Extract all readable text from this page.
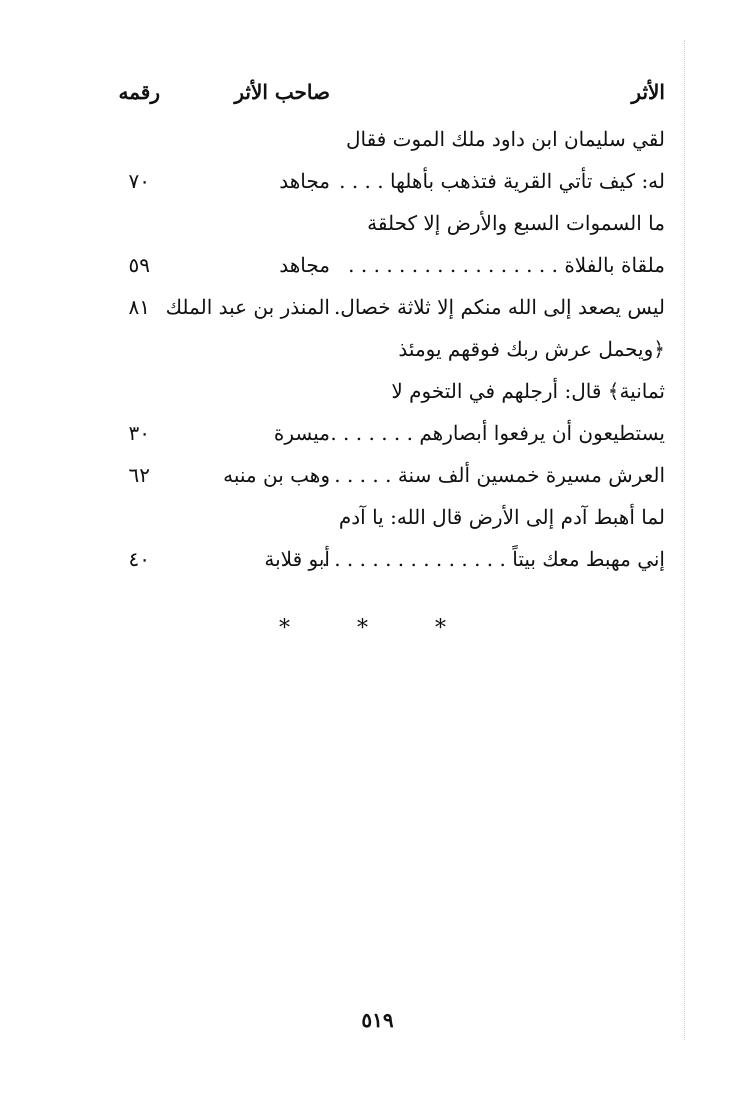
الأثر
صاحب الأثر
رقمه
لقي سليمان ابن داود ملك الموت فقال
له: كيف تأتي القرية فتذهب بأهلها . . . .
مجاهد
٧٠
ما السموات السبع والأرض إلا كحلقة
ملقاة بالفلاة . . . . . . . . . . . . . . . . .
مجاهد
٥٩
ليس يصعد إلى الله منكم إلا ثلاثة خصال.
المنذر بن عبد الملك
٨١
﴿ويحمل عرش ربك فوقهم يومئذ
ثمانية﴾ قال: أرجلهم في التخوم لا
يستطيعون أن يرفعوا أبصارهم . . . . . . . .
ميسرة
٣٠
العرش مسيرة خمسين ألف سنة . . . . . . .
وهب بن منبه
٦٢
لما أهبط آدم إلى الأرض قال الله: يا آدم
إني مهبط معك بيتاً . . . . . . . . . . . . . . .
أبو قلابة
٤٠
* * *
٥١٩
